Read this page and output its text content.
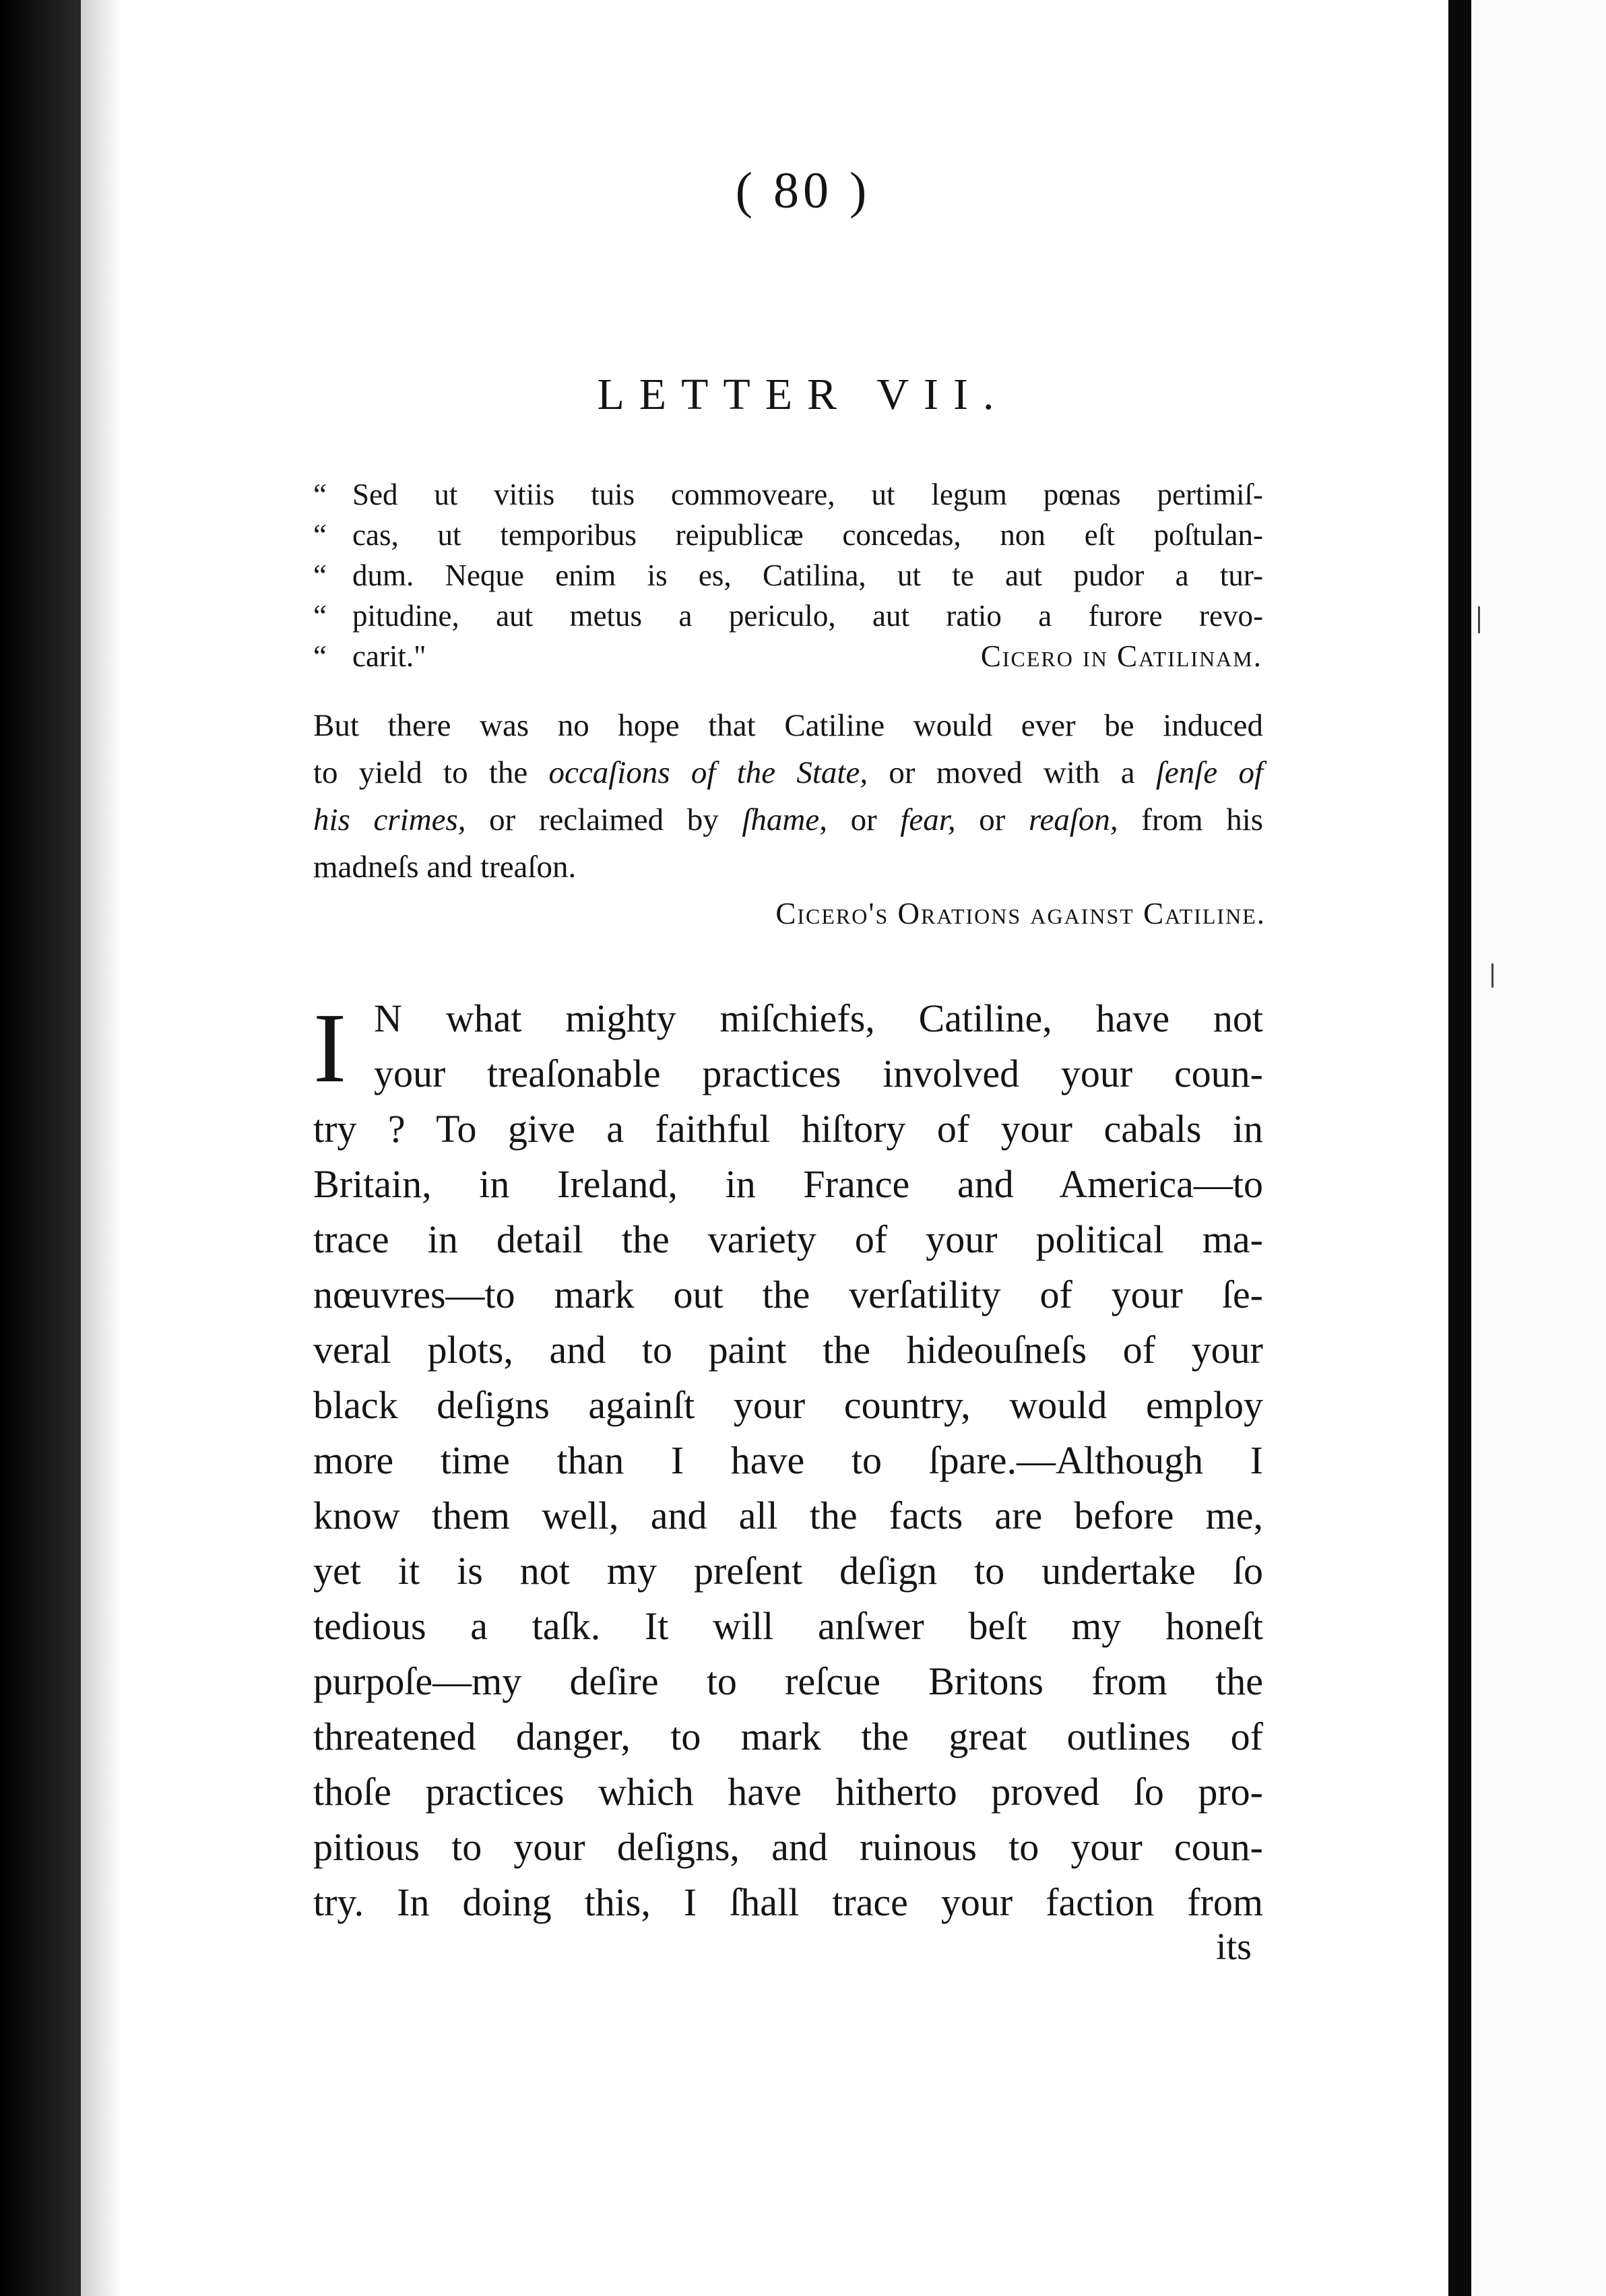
( 80 )
LETTER VII.
“ Sed ut vitiis tuis commoveare, ut legum pœnas pertimiſ-
“ cas, ut temporibus reipublicæ concedas, non eſt poſtulan-
“ dum. Neque enim is es, Catilina, ut te aut pudor a tur-
“ pitudine, aut metus a periculo, aut ratio a furore revo-
“ carit."	Cicero in Catilinam.
But there was no hope that Catiline would ever be induced
to yield to the occaſions of the State, or moved with a ſenſe of
his crimes, or reclaimed by ſhame, or fear, or reaſon, from his
madneſs and treaſon.
Cicero's Orations againſt Catiline.
I N what mighty miſchiefs, Catiline, have not
your treaſonable practices involved your coun-
try ? To give a faithful hiſtory of your cabals in
Britain, in Ireland, in France and America—to
trace in detail the variety of your political ma-
nœuvres—to mark out the verſatility of your ſe-
veral plots, and to paint the hideouſneſs of your
black deſigns againſt your country, would employ
more time than I have to ſpare.—Although I
know them well, and all the facts are before me,
yet it is not my preſent deſign to undertake ſo
tedious a taſk. It will anſwer beſt my honeſt
purpoſe—my deſire to reſcue Britons from the
threatened danger, to mark the great outlines of
thoſe practices which have hitherto proved ſo pro-
pitious to your deſigns, and ruinous to your coun-
try. In doing this, I ſhall trace your faction from
its
